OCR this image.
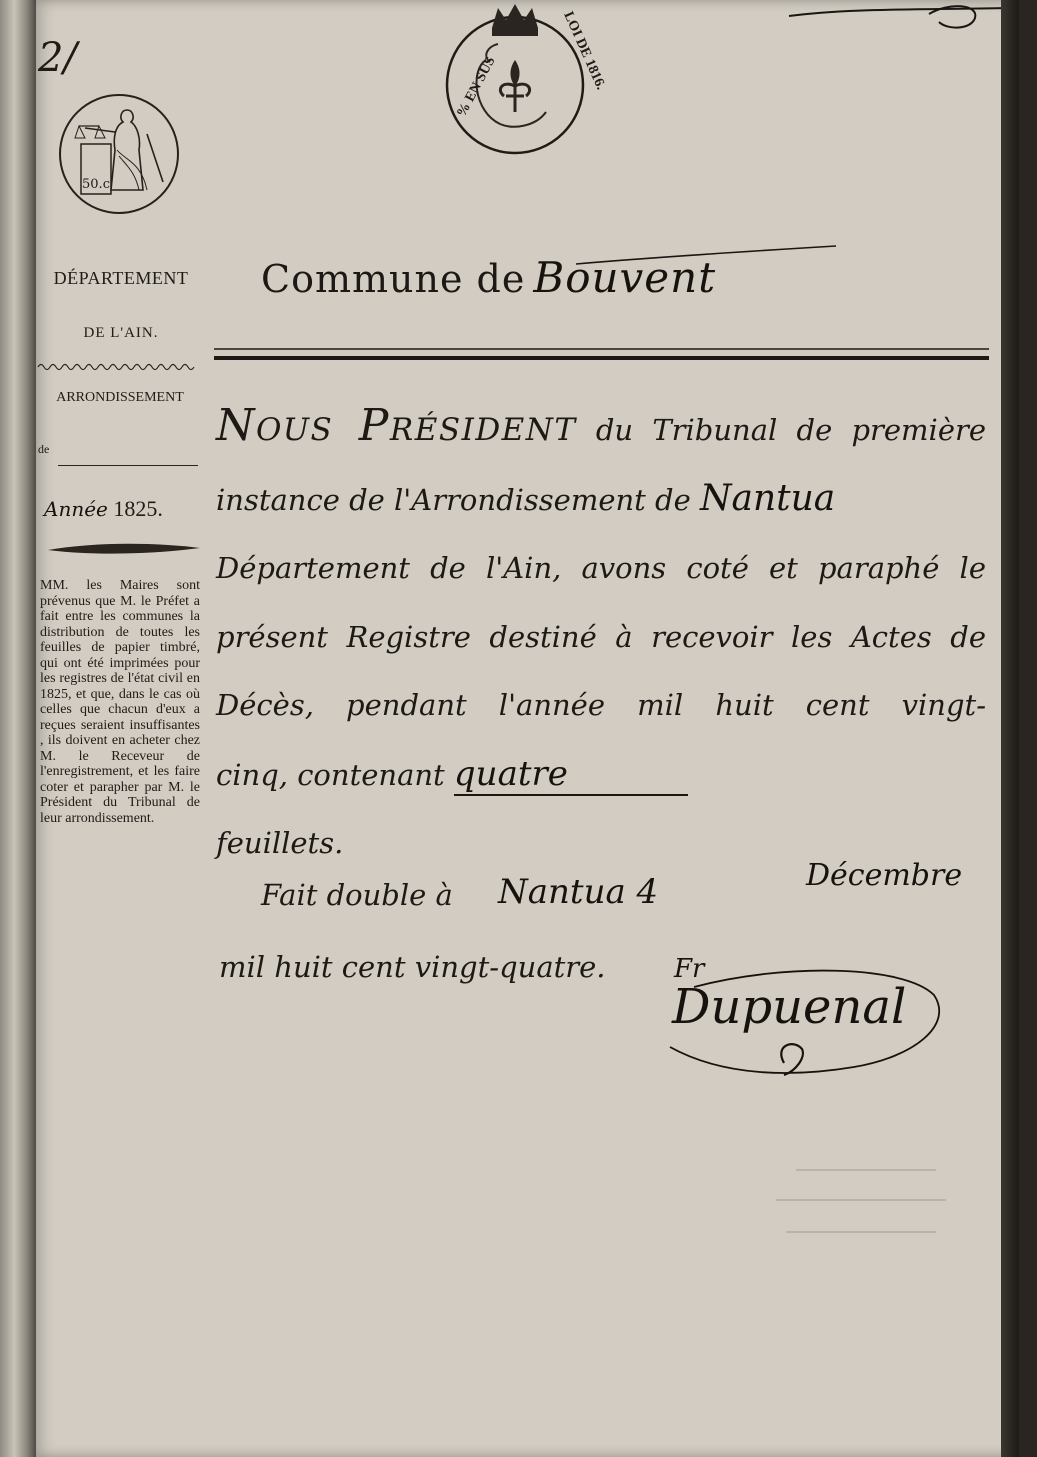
2/
50.c
% EN SUS	LOI DE 1816.
DÉPARTEMENT
DE L'AIN.
ARRONDISSEMENT
de
Année 1825.
MM. les Maires sont prévenus que M. le Préfet a fait entre les communes la distribution de toutes les feuilles de papier timbré, qui ont été imprimées pour les registres de l'état civil en 1825, et que, dans le cas où celles que chacun d'eux a reçues seraient insuffisantes , ils doivent en acheter chez M. le Receveur de l'enregistrement, et les faire coter et parapher par M. le Président du Tribunal de leur arrondissement.
Commune de Bouvent

Nous Président du Tribunal de première

instance de l'Arrondissement de Nantua

Département de l'Ain, avons coté et paraphé le

présent Registre destiné à recevoir les Actes de

Décès, pendant l'année mil huit cent vingt-

cinq, contenant quatre

feuillets.

Fait double à Nantua 4	Décembre
mil huit cent vingt-quatre.	Fr
Dupuenal
